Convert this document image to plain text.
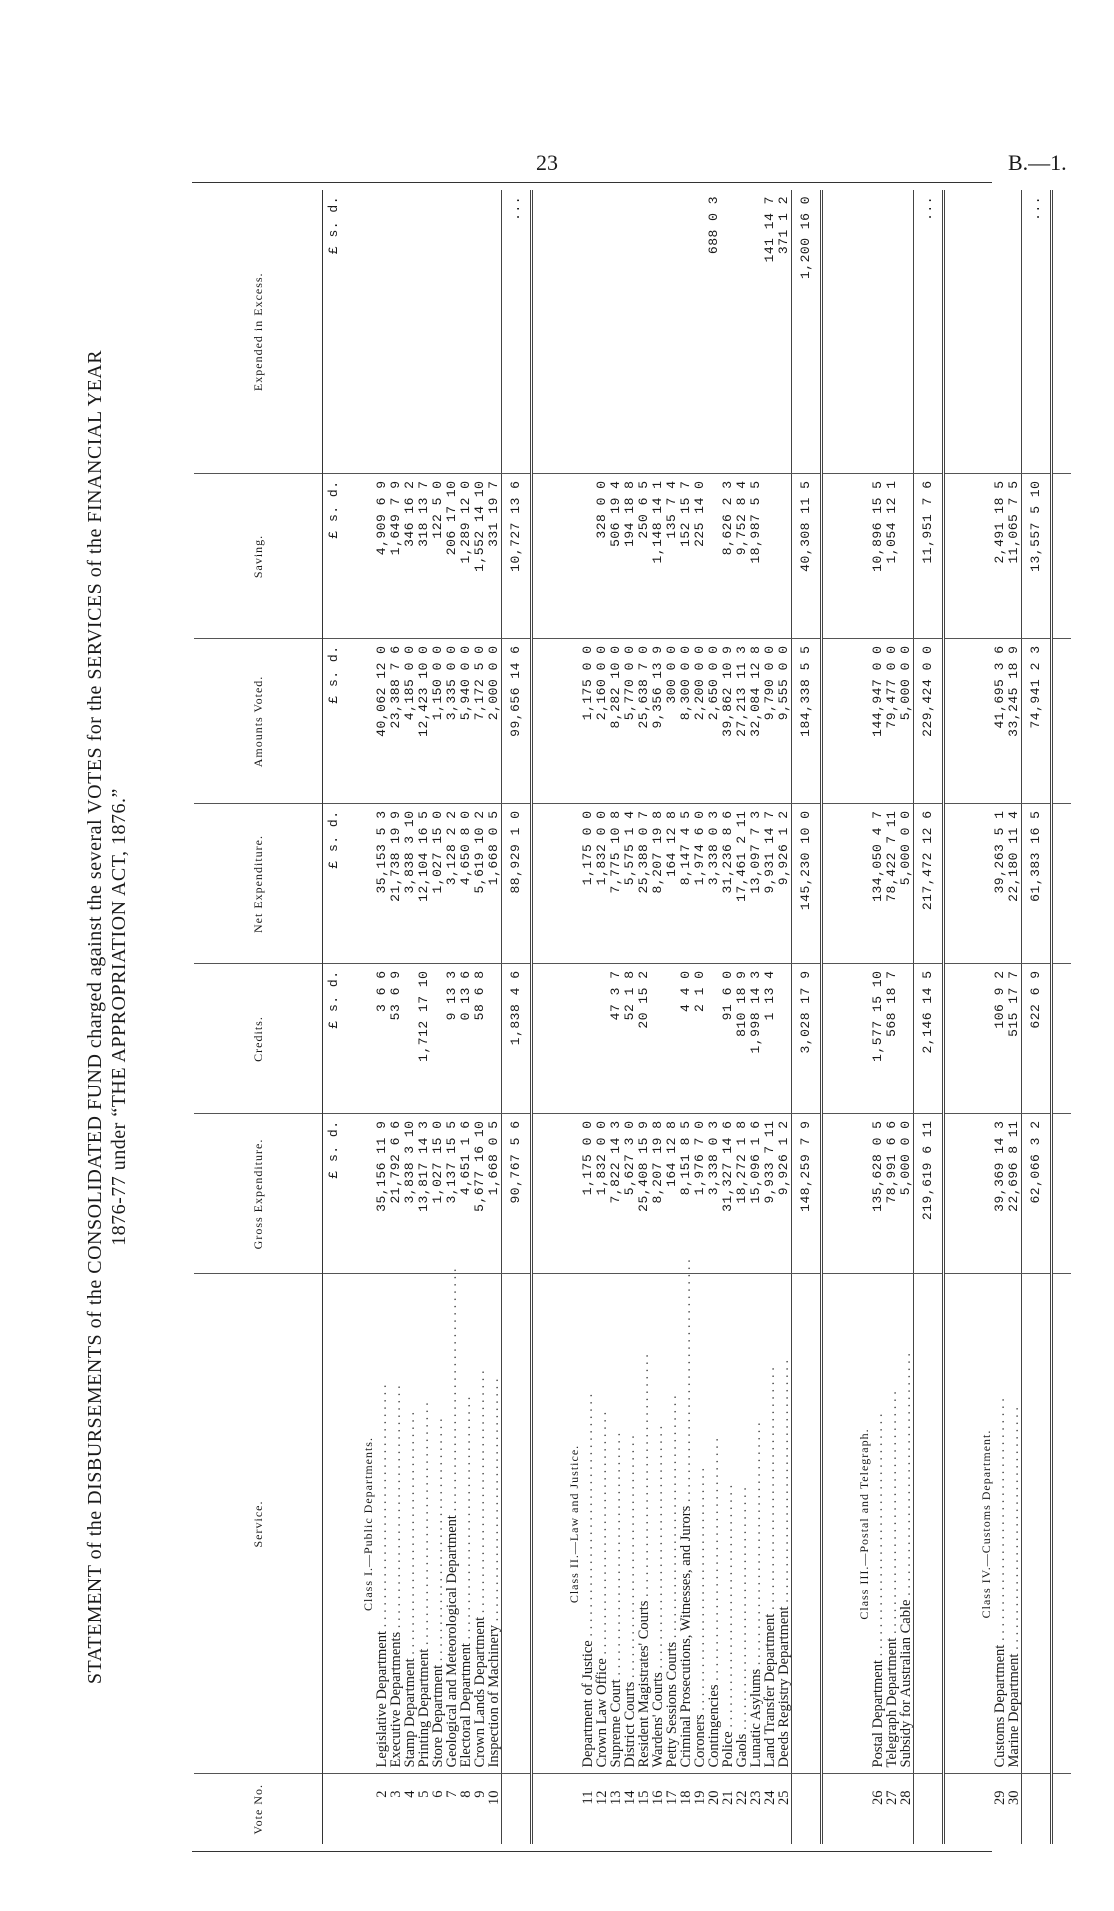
23	B.—1.
STATEMENT of the DISBURSEMENTS of the CONSOLIDATED FUND charged against the several VOTES for the SERVICES of the FINANCIAL YEAR 1876-77 under “THE APPROPRIATION ACT, 1876.”
Vote No.	Service.	Gross Expenditure.	Credits.	Net Expenditure.	Amounts Voted.	Saving.	Expended in Excess.
		£ s. d.	£ s. d.	£ s. d.	£ s. d.	£ s. d.	£ s. d.
	Class I.—Public Departments.						
2	Legislative Department . . .	35,156 11 9	3 6 6	35,153 5 3	40,062 12 0	4,909 6 9	
3	Executive Departments . . .	21,792 6 6	53 6 9	21,738 19 9	23,388 7 6	1,649 7 9	
4	Stamp Department . . .	3,838 3 10		3,838 3 10	4,185 0 0	346 16 2	
5	Printing Department . . .	13,817 14 3	1,712 17 10	12,104 16 5	12,423 10 0	318 13 7	
6	Store Department . . .	1,027 15 0		1,027 15 0	1,150 0 0	122 5 0	
7	Geological and Meteorological Department . . .	3,137 15 5	9 13 3	3,128 2 2	3,335 0 0	206 17 10	
8	Electoral Department . . .	4,651 1 6	0 13 6	4,650 8 0	5,940 0 0	1,289 12 0	
9	Crown Lands Department . . .	5,677 16 10	58 6 8	5,619 10 2	7,172 5 0	1,552 14 10	
10	Inspection of Machinery . . .	1,668 0 5		1,668 0 5	2,000 0 0	331 19 7	
		90,767 5 6	1,838 4 6	88,929 1 0	99,656 14 6	10,727 13 6	...

	Class II.—Law and Justice.						
11	Department of Justice . . .	1,175 0 0		1,175 0 0	1,175 0 0		
12	Crown Law Office . . .	1,832 0 0		1,832 0 0	2,160 0 0	328 0 0	
13	Supreme Court . . .	7,822 14 3	47 3 7	7,775 10 8	8,282 10 0	506 19 4	
14	District Courts . . .	5,627 3 0	52 1 8	5,575 1 4	5,770 0 0	194 18 8	
15	Resident Magistrates' Courts . . .	25,408 15 9	20 15 2	25,388 0 7	25,638 7 0	250 6 5	
16	Wardens' Courts . . .	8,207 19 8		8,207 19 8	9,356 13 9	1,148 14 1	
17	Petty Sessions Courts . . .	164 12 8		164 12 8	300 0 0	135 7 4	
18	Criminal Prosecutions, Witnesses, and Jurors . . .	8,151 8 5	4 4 0	8,147 4 5	8,300 0 0	152 15 7	
19	Coroners . . .	1,976 7 0	2 1 0	1,974 6 0	2,200 0 0	225 14 0	
20	Contingencies . . .	3,338 0 3		3,338 0 3	2,650 0 0		688 0 3
21	Police . . .	31,327 14 6	91 6 0	31,236 8 6	39,862 10 9	8,626 2 3	
22	Gaols . . .	18,272 1 8	810 18 9	17,461 2 11	27,213 11 3	9,752 8 4	
23	Lunatic Asylums . . .	15,096 1 6	1,998 14 3	13,097 7 3	32,084 12 8	18,987 5 5	
24	Land Transfer Department . . .	9,933 7 11	1 13 4	9,931 14 7	9,790 0 0		141 14 7
25	Deeds Registry Department . . .	9,926 1 2		9,926 1 2	9,555 0 0		371 1 2
		148,259 7 9	3,028 17 9	145,230 10 0	184,338 5 5	40,308 11 5	1,200 16 0

	Class III.—Postal and Telegraph.						
26	Postal Department . . .	135,628 0 5	1,577 15 10	134,050 4 7	144,947 0 0	10,896 15 5	
27	Telegraph Department . . .	78,991 6 6	568 18 7	78,422 7 11	79,477 0 0	1,054 12 1	
28	Subsidy for Australian Cable . . .	5,000 0 0		5,000 0 0	5,000 0 0		
		219,619 6 11	2,146 14 5	217,472 12 6	229,424 0 0	11,951 7 6	...

	Class IV.—Customs Department.						
29	Customs Department . . .	39,369 14 3	106 9 2	39,263 5 1	41,695 3 6	2,491 18 5	
30	Marine Department . . .	22,696 8 11	515 17 7	22,180 11 4	33,245 18 9	11,065 7 5	
		62,066 3 2	622 6 9	61,383 16 5	74,941 2 3	13,557 5 10	...
